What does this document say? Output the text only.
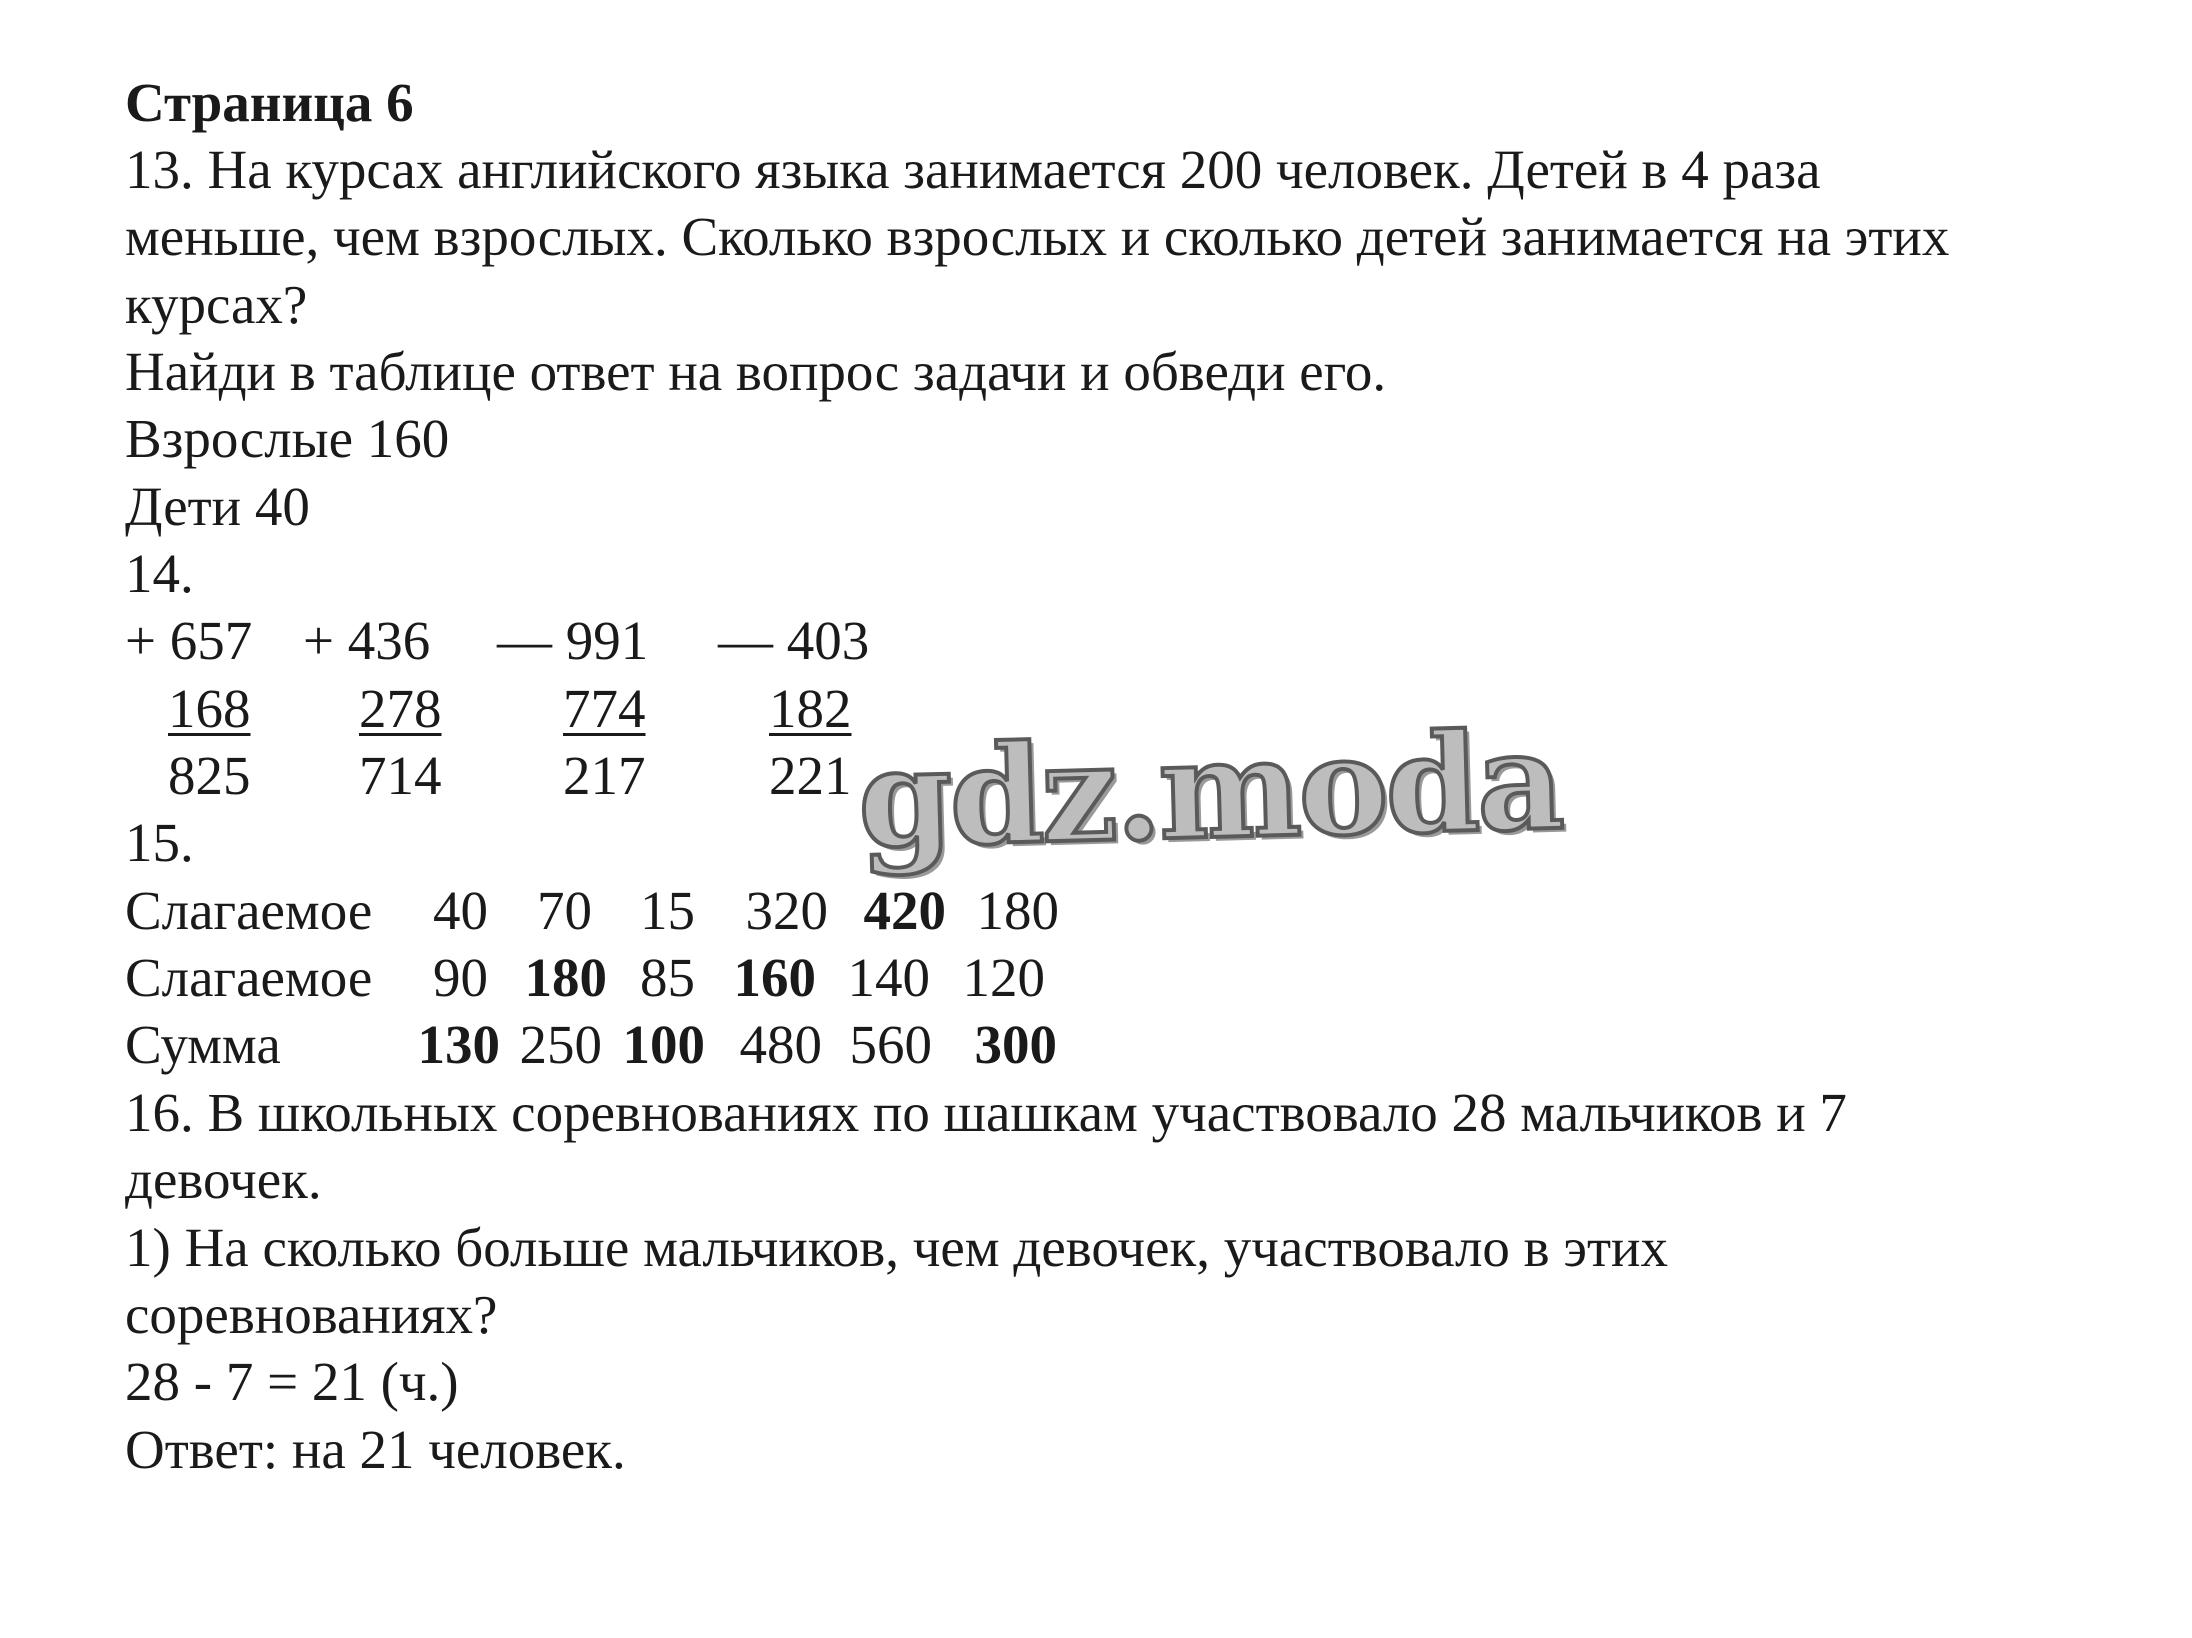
Страница 6
13. На курсах английского языка занимается 200 человек. Детей в 4 раза
меньше, чем взрослых. Сколько взрослых и сколько детей занимается на этих
курсах?
Найди в таблице ответ на вопрос задачи и обведи его.
Взрослые 160
Дети 40
14.
+ 657 + 436 — 991 — 403
168 278 774 182
825 714 217 221
15.
Слагаемое	40 70 15 320 420 180
Слагаемое	90 180 85 160 140 120
Сумма	130 250 100 480 560 300
16. В школьных соревнованиях по шашкам участвовало 28 мальчиков и 7
девочек.
1) На сколько больше мальчиков, чем девочек, участвовало в этих
соревнованиях?
28 - 7 = 21 (ч.)
Ответ: на 21 человек.
gdz.moda
